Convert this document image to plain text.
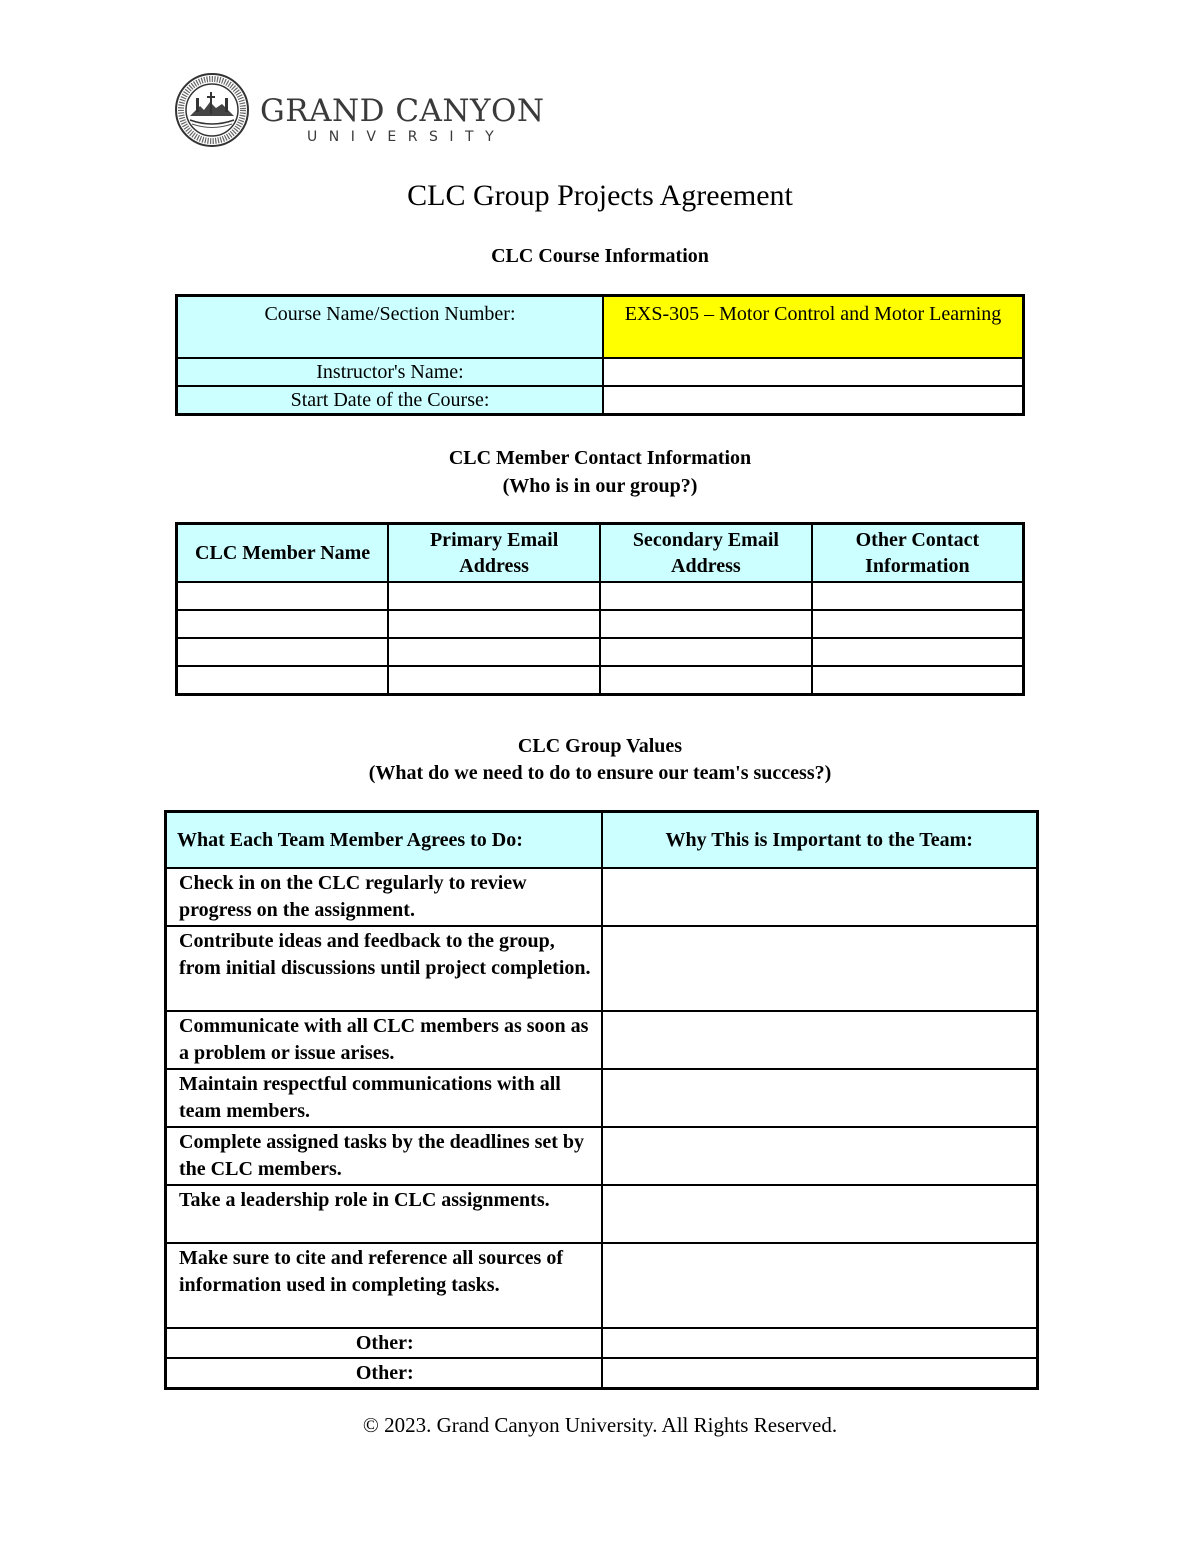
GRAND CANYON
UNIVERSITY
CLC Group Projects Agreement
CLC Course Information
Course Name/Section Number:	EXS-305 – Motor Control and Motor Learning
Instructor's Name:	
Start Date of the Course:	
CLC Member Contact Information
(Who is in our group?)
CLC Member Name	Primary Email Address	Secondary Email Address	Other Contact Information

CLC Group Values
(What do we need to do to ensure our team's success?)
What Each Team Member Agrees to Do:	Why This is Important to the Team:
Check in on the CLC regularly to review progress on the assignment.	
Contribute ideas and feedback to the group, from initial discussions until project completion.	
Communicate with all CLC members as soon as a problem or issue arises.	
Maintain respectful communications with all team members.	
Complete assigned tasks by the deadlines set by the CLC members.	
Take a leadership role in CLC assignments.	
Make sure to cite and reference all sources of information used in completing tasks.	
Other:	
Other:	
© 2023. Grand Canyon University. All Rights Reserved.
